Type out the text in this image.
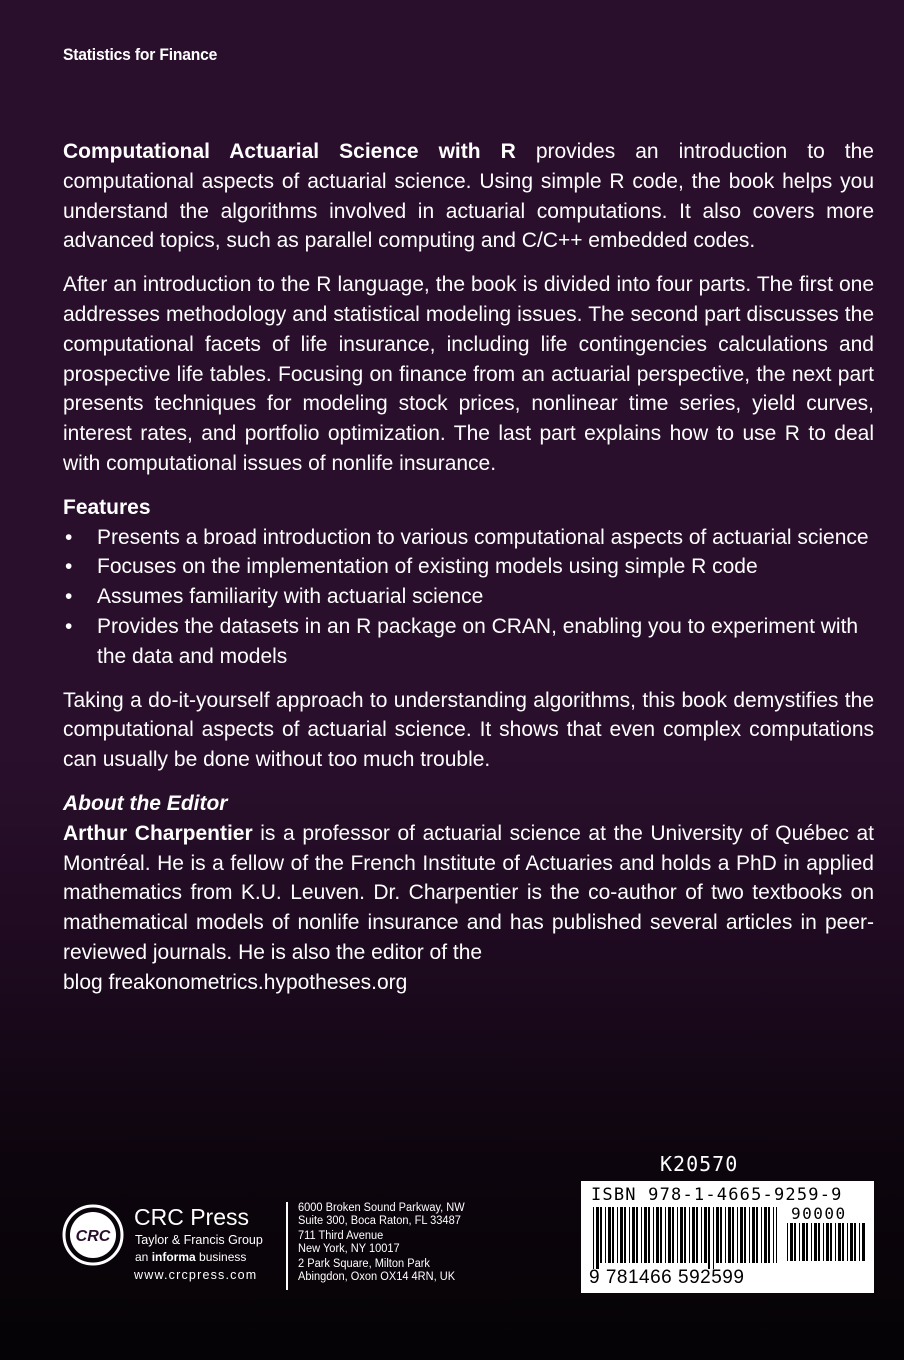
Statistics for Finance

Computational Actuarial Science with R provides an introduction to the computational aspects of actuarial science. Using simple R code, the book helps you understand the algorithms involved in actuarial computations. It also covers more advanced topics, such as parallel computing and C/C++ embedded codes.

After an introduction to the R language, the book is divided into four parts. The first one addresses methodology and statistical modeling issues. The second part discusses the computational facets of life insurance, including life contingencies calculations and prospective life tables. Focusing on finance from an actuarial perspective, the next part presents techniques for modeling stock prices, nonlinear time series, yield curves, interest rates, and portfolio optimization. The last part explains how to use R to deal with computational issues of nonlife insurance.

Features
• Presents a broad introduction to various computational aspects of actuarial science
• Focuses on the implementation of existing models using simple R code
• Assumes familiarity with actuarial science
• Provides the datasets in an R package on CRAN, enabling you to experiment with the data and models

Taking a do-it-yourself approach to understanding algorithms, this book demystifies the computational aspects of actuarial science. It shows that even complex computations can usually be done without too much trouble.

About the Editor
Arthur Charpentier is a professor of actuarial science at the University of Québec at Montréal. He is a fellow of the French Institute of Actuaries and holds a PhD in applied mathematics from K.U. Leuven. Dr. Charpentier is the co-author of two textbooks on mathematical models of nonlife insurance and has published several articles in peer-reviewed journals. He is also the editor of the
blog freakonometrics.hypotheses.org
CRC
CRC Press
Taylor & Francis Group
an informa business
www.crcpress.com
6000 Broken Sound Parkway, NW
Suite 300, Boca Raton, FL 33487
711 Third Avenue
New York, NY 10017
2 Park Square, Milton Park
Abingdon, Oxon OX14 4RN, UK
K20570
ISBN 978-1-4665-9259-9
90000
9 781466 592599
